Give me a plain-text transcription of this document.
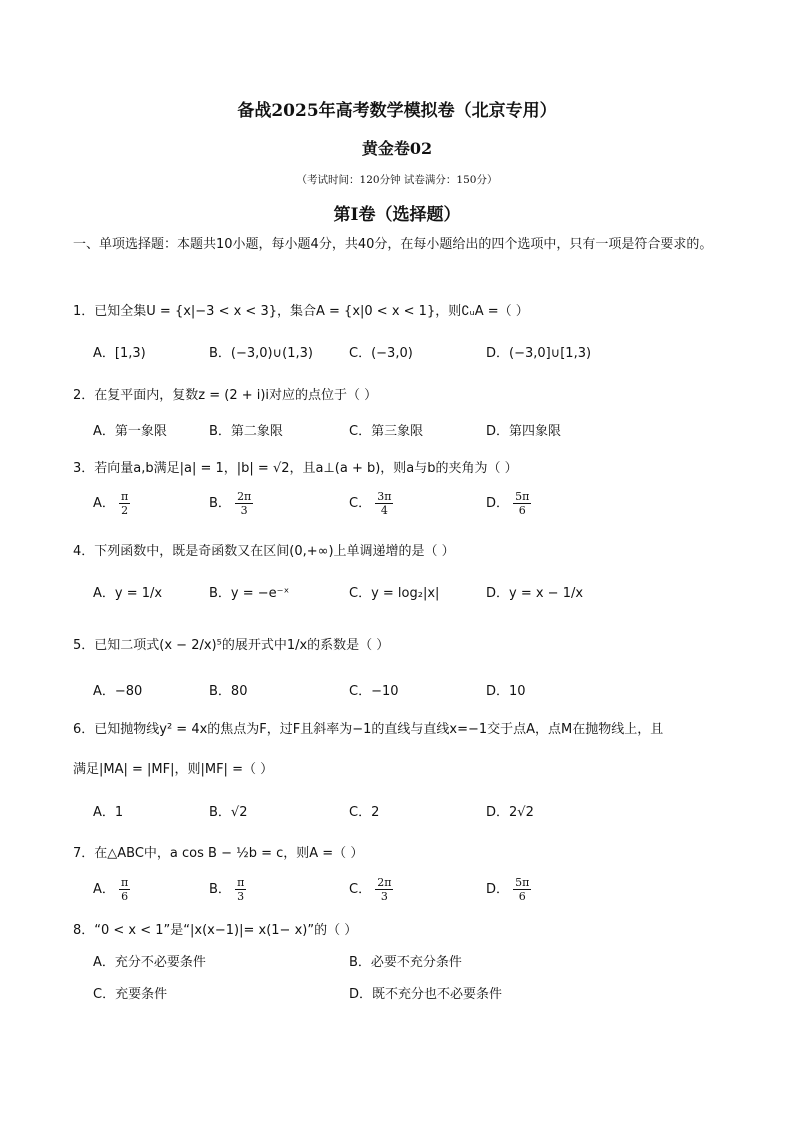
备战2025年高考数学模拟卷（北京专用）
黄金卷02
（考试时间：120分钟 试卷满分：150分）
第I卷（选择题）
一、单项选择题：本题共10小题，每小题4分，共40分，在每小题给出的四个选项中，只有一项是符合要求的。
1．已知全集U = {x|−3 < x < 3}，集合A = {x|0 < x < 1}，则∁ᵤA =（ ）
A．[1,3)	B．(−3,0)∪(1,3)	C．(−3,0)	D．(−3,0]∪[1,3)
2．在复平面内，复数z = (2 + i)i对应的点位于（ ）
A．第一象限	B．第二象限	C．第三象限	D．第四象限
3．若向量a,b满足|a| = 1，|b| = √2，且a⊥(a + b)，则a与b的夹角为（ ）
A． $\frac{\pi}{2}$	B． $\frac{2\pi}{3}$	C． $\frac{3\pi}{4}$	D． $\frac{5\pi}{6}$
4．下列函数中，既是奇函数又在区间(0,+∞)上单调递增的是（ ）
A．y = 1/x	B．y = −e⁻ˣ	C．y = log₂|x|	D．y = x − 1/x
5．已知二项式(x − 2/x)⁵的展开式中1/x的系数是（ ）
A．−80	B．80	C．−10	D．10
6．已知抛物线y² = 4x的焦点为F，过F且斜率为−1的直线与直线x=−1交于点A，点M在抛物线上，且
满足|MA| = |MF|，则|MF| =（ ）
A．1	B．√2	C．2	D．2√2
7．在△ABC中，a cos B − ½b = c，则A =（ ）
A． $\frac{\pi}{6}$	B． $\frac{\pi}{3}$	C． $\frac{2\pi}{3}$	D． $\frac{5\pi}{6}$
8．“0 < x < 1”是“|x(x−1)|= x(1− x)”的（ ）
A．充分不必要条件	B．必要不充分条件
C．充要条件	D．既不充分也不必要条件
